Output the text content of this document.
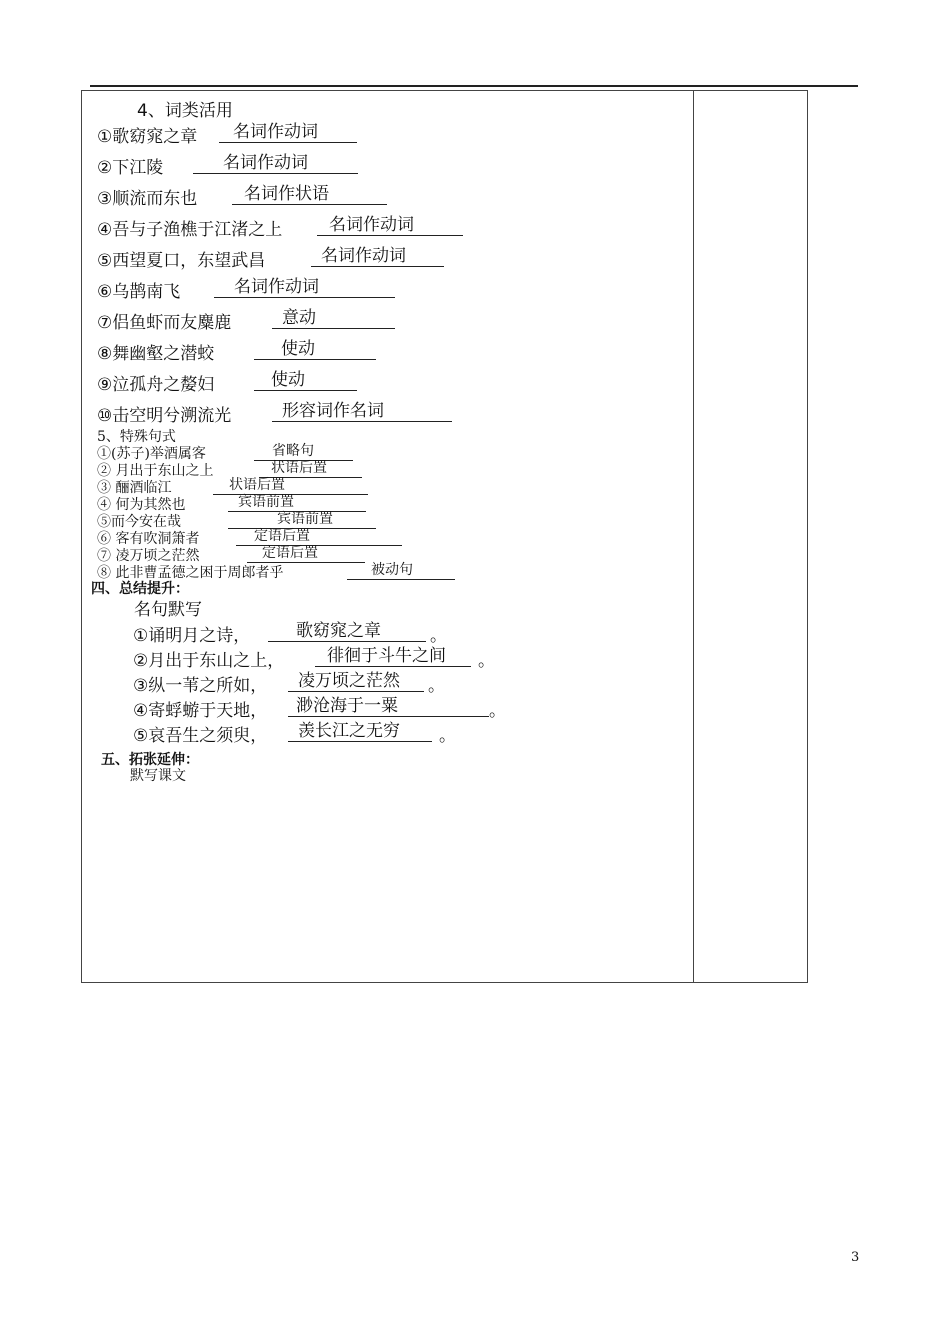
4、词类活用
①歌窈窕之章	名词作动词
②下江陵	名词作动词
③顺流而东也	名词作状语
④吾与子渔樵于江渚之上	名词作动词
⑤西望夏口，东望武昌	名词作动词
⑥乌鹊南飞	名词作动词
⑦侣鱼虾而友麋鹿	意动
⑧舞幽壑之潜蛟	使动
⑨泣孤舟之嫠妇	使动
⑩击空明兮溯流光	形容词作名词
5、特殊句式
①(苏子)举酒属客	省略句
② 月出于东山之上	状语后置
③ 酾酒临江	状语后置
④ 何为其然也	宾语前置
⑤而今安在哉	宾语前置
⑥ 客有吹洞箫者	定语后置
⑦ 凌万顷之茫然	定语后置
⑧ 此非曹孟德之困于周郎者乎	被动句
四、总结提升：
名句默写
①诵明月之诗，	歌窈窕之章	。
②月出于东山之上，	徘徊于斗牛之间	。
③纵一苇之所如，	凌万顷之茫然	。
④寄蜉蝣于天地，	渺沧海于一粟	。
⑤哀吾生之须臾，	羡长江之无穷	。
五、拓张延伸：
默写课文
3
